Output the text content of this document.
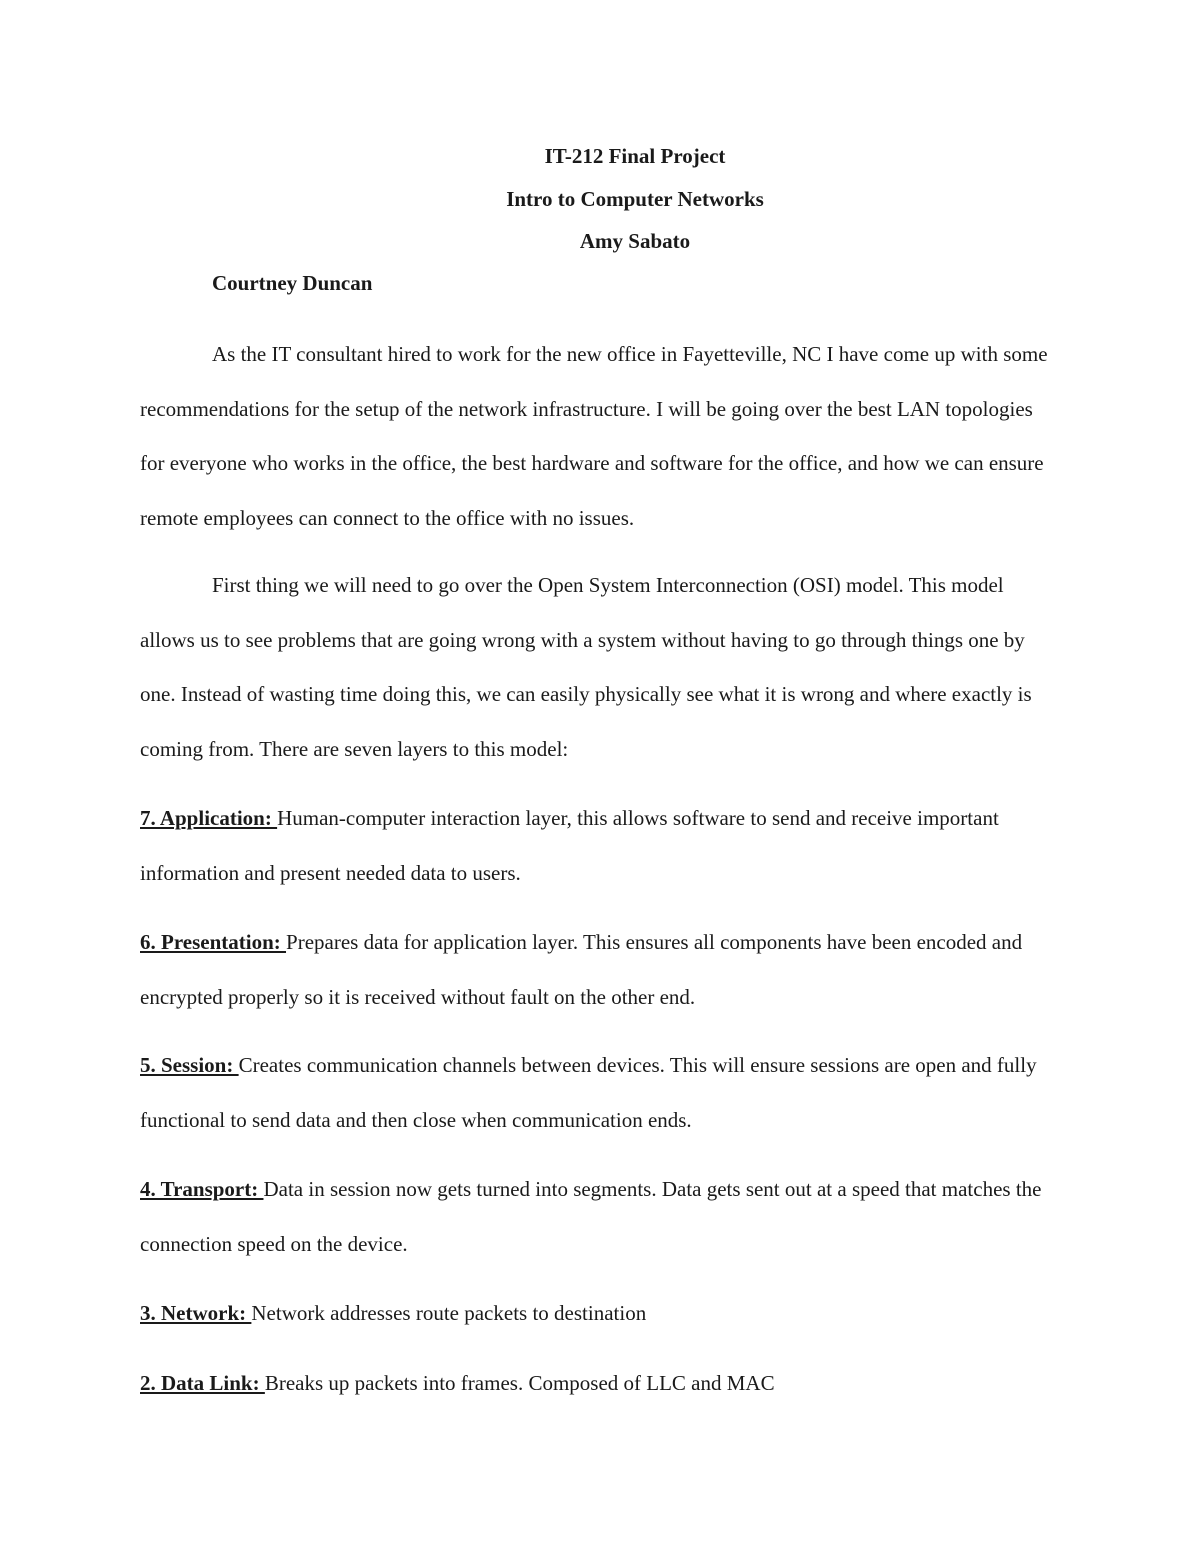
IT-212 Final Project

Intro to Computer Networks

Amy Sabato

Courtney Duncan

As the IT consultant hired to work for the new office in Fayetteville, NC I have come up with some recommendations for the setup of the network infrastructure. I will be going over the best LAN topologies for everyone who works in the office, the best hardware and software for the office, and how we can ensure remote employees can connect to the office with no issues.

First thing we will need to go over the Open System Interconnection (OSI) model. This model allows us to see problems that are going wrong with a system without having to go through things one by one. Instead of wasting time doing this, we can easily physically see what it is wrong and where exactly is coming from. There are seven layers to this model:

7. Application: Human-computer interaction layer, this allows software to send and receive important information and present needed data to users.

6. Presentation: Prepares data for application layer. This ensures all components have been encoded and encrypted properly so it is received without fault on the other end.

5. Session: Creates communication channels between devices. This will ensure sessions are open and fully functional to send data and then close when communication ends.

4. Transport: Data in session now gets turned into segments. Data gets sent out at a speed that matches the connection speed on the device.

3. Network: Network addresses route packets to destination

2. Data Link: Breaks up packets into frames. Composed of LLC and MAC
